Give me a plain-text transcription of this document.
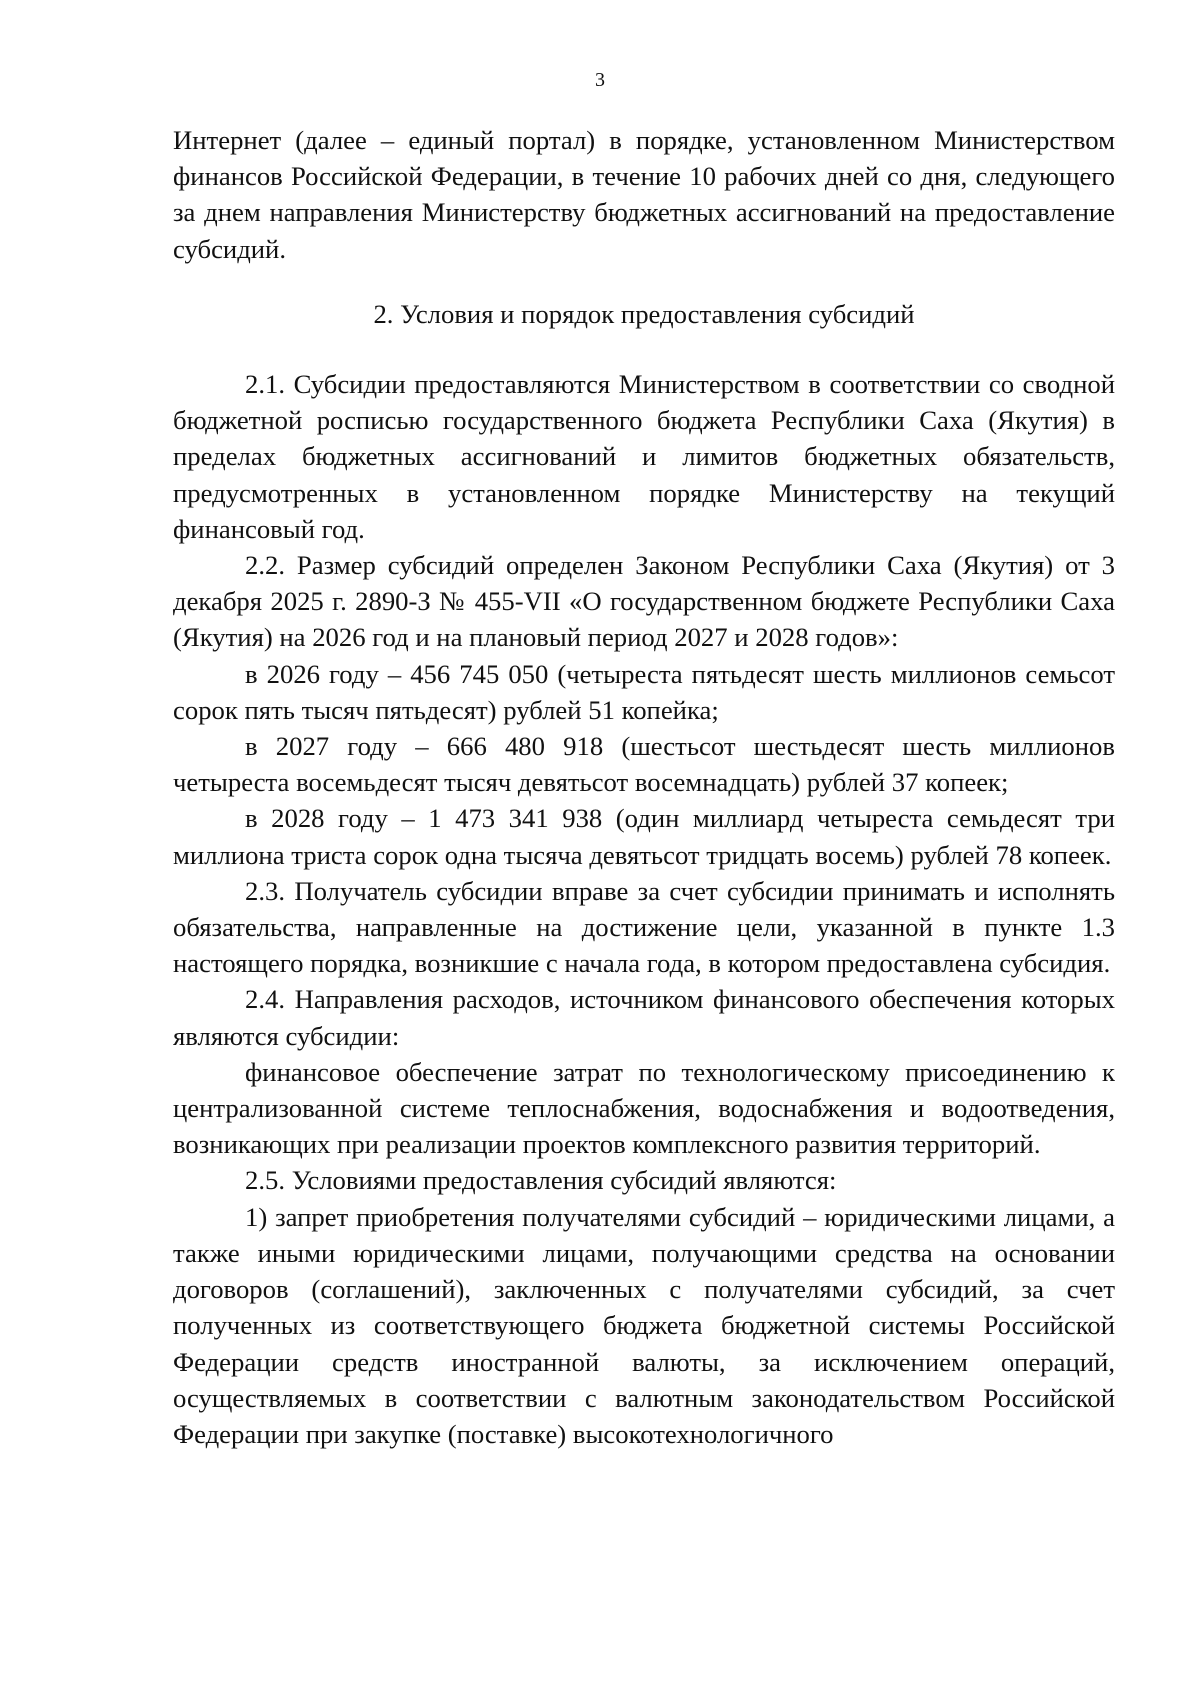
3

Интернет (далее – единый портал) в порядке, установленном Министерством финансов Российской Федерации, в течение 10 рабочих дней со дня, следующего за днем направления Министерству бюджетных ассигнований на предоставление субсидий.

2. Условия и порядок предоставления субсидий

2.1. Субсидии предоставляются Министерством в соответствии со сводной бюджетной росписью государственного бюджета Республики Саха (Якутия) в пределах бюджетных ассигнований и лимитов бюджетных обязательств, предусмотренных в установленном порядке Министерству на текущий финансовый год.

2.2. Размер субсидий определен Законом Республики Саха (Якутия) от 3 декабря 2025 г. 2890-З № 455-VII «О государственном бюджете Республики Саха (Якутия) на 2026 год и на плановый период 2027 и 2028 годов»:

в 2026 году – 456 745 050 (четыреста пятьдесят шесть миллионов семьсот сорок пять тысяч пятьдесят) рублей 51 копейка;

в 2027 году – 666 480 918 (шестьсот шестьдесят шесть миллионов четыреста восемьдесят тысяч девятьсот восемнадцать) рублей 37 копеек;

в 2028 году – 1 473 341 938 (один миллиард четыреста семьдесят три миллиона триста сорок одна тысяча девятьсот тридцать восемь) рублей 78 копеек.

2.3. Получатель субсидии вправе за счет субсидии принимать и исполнять обязательства, направленные на достижение цели, указанной в пункте 1.3 настоящего порядка, возникшие с начала года, в котором предоставлена субсидия.

2.4. Направления расходов, источником финансового обеспечения которых являются субсидии:

финансовое обеспечение затрат по технологическому присоединению к централизованной системе теплоснабжения, водоснабжения и водоотведения, возникающих при реализации проектов комплексного развития территорий.

2.5. Условиями предоставления субсидий являются:

1) запрет приобретения получателями субсидий – юридическими лицами, а также иными юридическими лицами, получающими средства на основании договоров (соглашений), заключенных с получателями субсидий, за счет полученных из соответствующего бюджета бюджетной системы Российской Федерации средств иностранной валюты, за исключением операций, осуществляемых в соответствии с валютным законодательством Российской Федерации при закупке (поставке) высокотехнологичного
